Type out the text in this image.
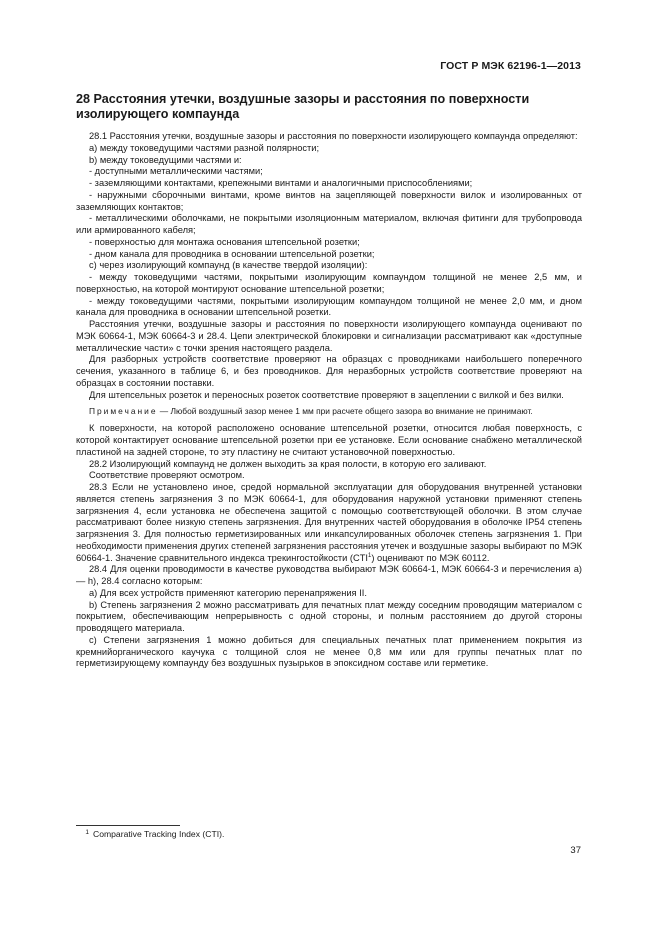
ГОСТ Р МЭК 62196-1—2013
28 Расстояния утечки, воздушные зазоры и расстояния по поверхности изолирующего компаунда

28.1 Расстояния утечки, воздушные зазоры и расстояния по поверхности изолирующего компаунда определяют:

a) между токоведущими частями разной полярности;

b) между токоведущими частями и:

- доступными металлическими частями;

- заземляющими контактами, крепежными винтами и аналогичными приспособлениями;

- наружными сборочными винтами, кроме винтов на зацепляющей поверхности вилок и изолированных от заземляющих контактов;

- металлическими оболочками, не покрытыми изоляционным материалом, включая фитинги для трубопровода или армированного кабеля;

- поверхностью для монтажа основания штепсельной розетки;

- дном канала для проводника в основании штепсельной розетки;

c) через изолирующий компаунд (в качестве твердой изоляции):

- между токоведущими частями, покрытыми изолирующим компаундом толщиной не менее 2,5 мм, и поверхностью, на которой монтируют основание штепсельной розетки;

- между токоведущими частями, покрытыми изолирующим компаундом толщиной не менее 2,0 мм, и дном канала для проводника в основании штепсельной розетки.

Расстояния утечки, воздушные зазоры и расстояния по поверхности изолирующего компаунда оценивают по МЭК 60664-1, МЭК 60664-3 и 28.4. Цепи электрической блокировки и сигнализации рассматривают как «доступные металлические части» с точки зрения настоящего раздела.

Для разборных устройств соответствие проверяют на образцах с проводниками наибольшего поперечного сечения, указанного в таблице 6, и без проводников. Для неразборных устройств соответствие проверяют на образцах в состоянии поставки.

Для штепсельных розеток и переносных розеток соответствие проверяют в зацеплении с вилкой и без вилки.

Примечание — Любой воздушный зазор менее 1 мм при расчете общего зазора во внимание не принимают.

К поверхности, на которой расположено основание штепсельной розетки, относится любая поверхность, с которой контактирует основание штепсельной розетки при ее установке. Если основание снабжено металлической пластиной на задней стороне, то эту пластину не считают установочной поверхностью.

28.2 Изолирующий компаунд не должен выходить за края полости, в которую его заливают.

Соответствие проверяют осмотром.

28.3 Если не установлено иное, средой нормальной эксплуатации для оборудования внутренней установки является степень загрязнения 3 по МЭК 60664-1, для оборудования наружной установки применяют степень загрязнения 4, если установка не обеспечена защитой с помощью соответствующей оболочки. В этом случае рассматривают более низкую степень загрязнения. Для внутренних частей оборудования в оболочке IP54 степень загрязнения 3. Для полностью герметизированных или инкапсулированных оболочек степень загрязнения 1. При необходимости применения других степеней загрязнения расстояния утечек и воздушные зазоры выбирают по МЭК 60664-1. Значение сравнительного индекса трекингостойкости (CTI$^1$) оценивают по МЭК 60112.

28.4 Для оценки проводимости в качестве руководства выбирают МЭК 60664-1, МЭК 60664-3 и перечисления a) — h), 28.4 согласно которым:

a) Для всех устройств применяют категорию перенапряжения II.

b) Степень загрязнения 2 можно рассматривать для печатных плат между соседним проводящим материалом с покрытием, обеспечивающим непрерывность с одной стороны, и полным расстоянием до другой стороны проводящего материала.

c) Степени загрязнения 1 можно добиться для специальных печатных плат применением покрытия из кремнийорганического каучука с толщиной слоя не менее 0,8 мм или для группы печатных плат по герметизирующему компаунду без воздушных пузырьков в эпоксидном составе или герметике.

1 Comparative Tracking Index (CTI).
37
